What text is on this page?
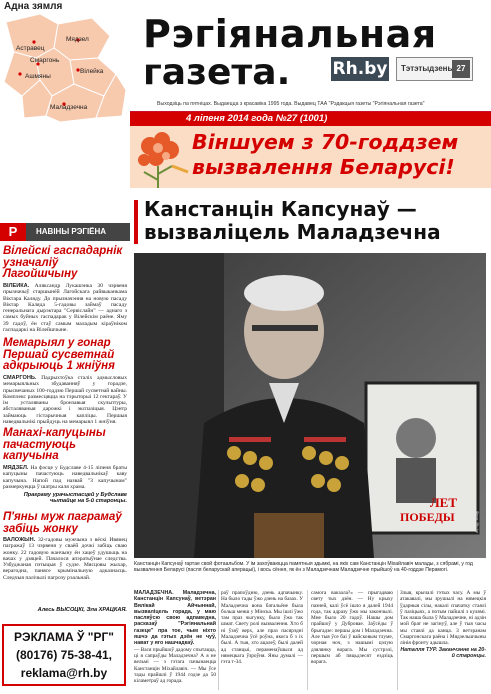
Адна зямля
Астравец
Мядзел
Смаргонь
Ашмяны
Вілейка
Маладзечна
Рэгіянальная
газета. Rh.by	Тэтэтыдзень 27
Выходзіць па пятніцах. Выдаецца з красавіка 1995 года. Выдавец ТАА "Рэдакцыя газеты "Рэгіянальная газета"
4 ліпеня 2014 года №27 (1001)
Віншуем з 70-годдзем вызвалення Беларусі!
Р	НАВІНЫ РЭГІЁНА
Вілейскі гаспадарнік узначаліў Лагойшчыну
ВІЛЕЙКА. Аляксандр Лукашэнка 30 чэрвеня прызначыў старшынёй Лагойскага райвыканкама Віктара Каляду. До прызначэння на новую пасаду Віктар Каляда 5-гадовы займаў пасаду генеральнага дырэктара "Сервіслайн" — аднаго з самых буйных гаспадарак у Вілейскім раёне. Яму 39 гадоў, ён стаў самым маладым кіраўніком гаспадаркі на Вілейшчыне.
Мемарыял у гонар Першай сусветнай адкрыюць 1 жніўня
СМАРГОНЬ. Падрыхтоўка сталіх адмысловых мемарыяльных збудаванняў у горадзе, прысвечаных 100-годдзю Першай сусветнай вайны. Комплекс размесцяцца на тэрыторыі 12 гектараў. У ім усталяваны бронзавыя скульптуры, абсталяваныя дарожкі і экспазіцыя. Цэнтр займаюць гістарычныя капліцы. Першыя наведвальнікі прыйдуць на мемарыял 1 жніўня.
Манахі-капуцыны пачастуюць капучына
МЯДЗЕЛ. На фэсце у Будславе 4-15 ліпеня браты капуцыны пачастуюць наведвальнікаў каву капучына. Напой пад назвай "З капучынам" размеркуецца ў шатры каля храма.
Праграму урачыстасцей у Будславе чытайце на 5-й старонцы.
П'яны муж паграмаў забіць жонку
ВАЛОЖЫН. 32-гадовы мужчына з вёскі Ивянец пагражаў 13 чэрвеня у сваёй дочкі забіць сваю жонку. 22 гадовую жанчыну ён хацеў удушыць на вачах у дзяцей. Пачалося апэратыўнае следства. Узбуджаная пэтыцыя ў судзе. Мясцовы жыхар, верагодна, панясе крымінальную адказнасць. Следчыя палічылі пагрозу рэальнай.
Алесь ВЫСОЦКІ, Эла ХРАЦКАЯ.
РЭКЛАМА Ў "РГ"
(80176) 75-38-41,
reklama@rh.by
Канстанцін Капсунаў — вызваліцель Маладзечна
ЛЕТ
ПОБЕДЫ	Фото: Rh.by
Канстанцін Капсунаў гартае свой фотаальбом. У ім захоўваюцца памятныя здымкі, на якіх сам Канстанцін Міхайлавіч малады, з сябрамі, у год вызвалення Беларусі (пасля беларускай аперацыі), і вось сёння, як ён з Маладзечнам Маладзечне прыйшоў на 40-годдзе Перамогі.
МАЛАДЗЕЧНА. Маладзечна, Канстанцін Капсунаў, ветэран Вялікай Айчыннай, вызваліцель горада, у маю пасляўсю свою адпаведна, расказаў "Рэгіянальнай газеце" пра тое, чым ніхто яшчэ да гэтых дзён не чуў, нават у яго нашчадкаў.
— Вася прыйшоў дадому спытацца, ці я сапраўды Маладзечна? А я не вельмі — з гэтага пачынаецца Канстанцін Міхайлавіч. — Мы ўсе тады прайшлі ў 1944 годзе да 50 кіламетраў ад горада.
раў прапоўдню, дзень адпачынку. На было тады ўжо дзень на базах. У Маладзечна вона батальёне была больш менш у Мінска. Мы ішлі ўжо там праз чыгунку, было ўжо так шмат. Свету ролі вызвалення. Хто б ні ўзяў верх, але праз пасярэдні Маладзечна ўсё роўна, якога б з іх былі. А тыя, хто ацалеў, былі далей ад станцыі, пераменаўшыся ад нямецкага ўзроўня. Яны думалі — гэта т-34.
самога вакзала?» — прыгадваю свету тых дзён. — Ну крыху пазней, калі ўсё ішло я далей 1944 года, так адразу ўжо мы закончылі. Мне было 20 гадоў. Нашы дом прайшоў у Дубровае. Заўсёды ў брыгадзе: першы дом і Маладзечна. Але тыя ўсе баі ў вайсковым тлуме, чорная ноч, з нашымі цэлую дзялянку ворага. Мы сустрэлі, першым аб пяцьдзесят ездзіць ворага.
Злыя, крычалі гэтых часу. А мы ў атакавалі, мы зрушылі на нямецкія ўдарныя сілы, накалі спачатку стаялі ў пазіцыях, а потым пайшлі з кулямі. Так наша была ў Маладзечне, ні адзін мой брат не загінуў, але ў тыя часы мы стаялі да канца. З ветэранам Смаргонскага раёна і Мядзельшчыны лінія фронту адышла.
Наталля ТУР. Заканчэнне на 20-й старонцы.
